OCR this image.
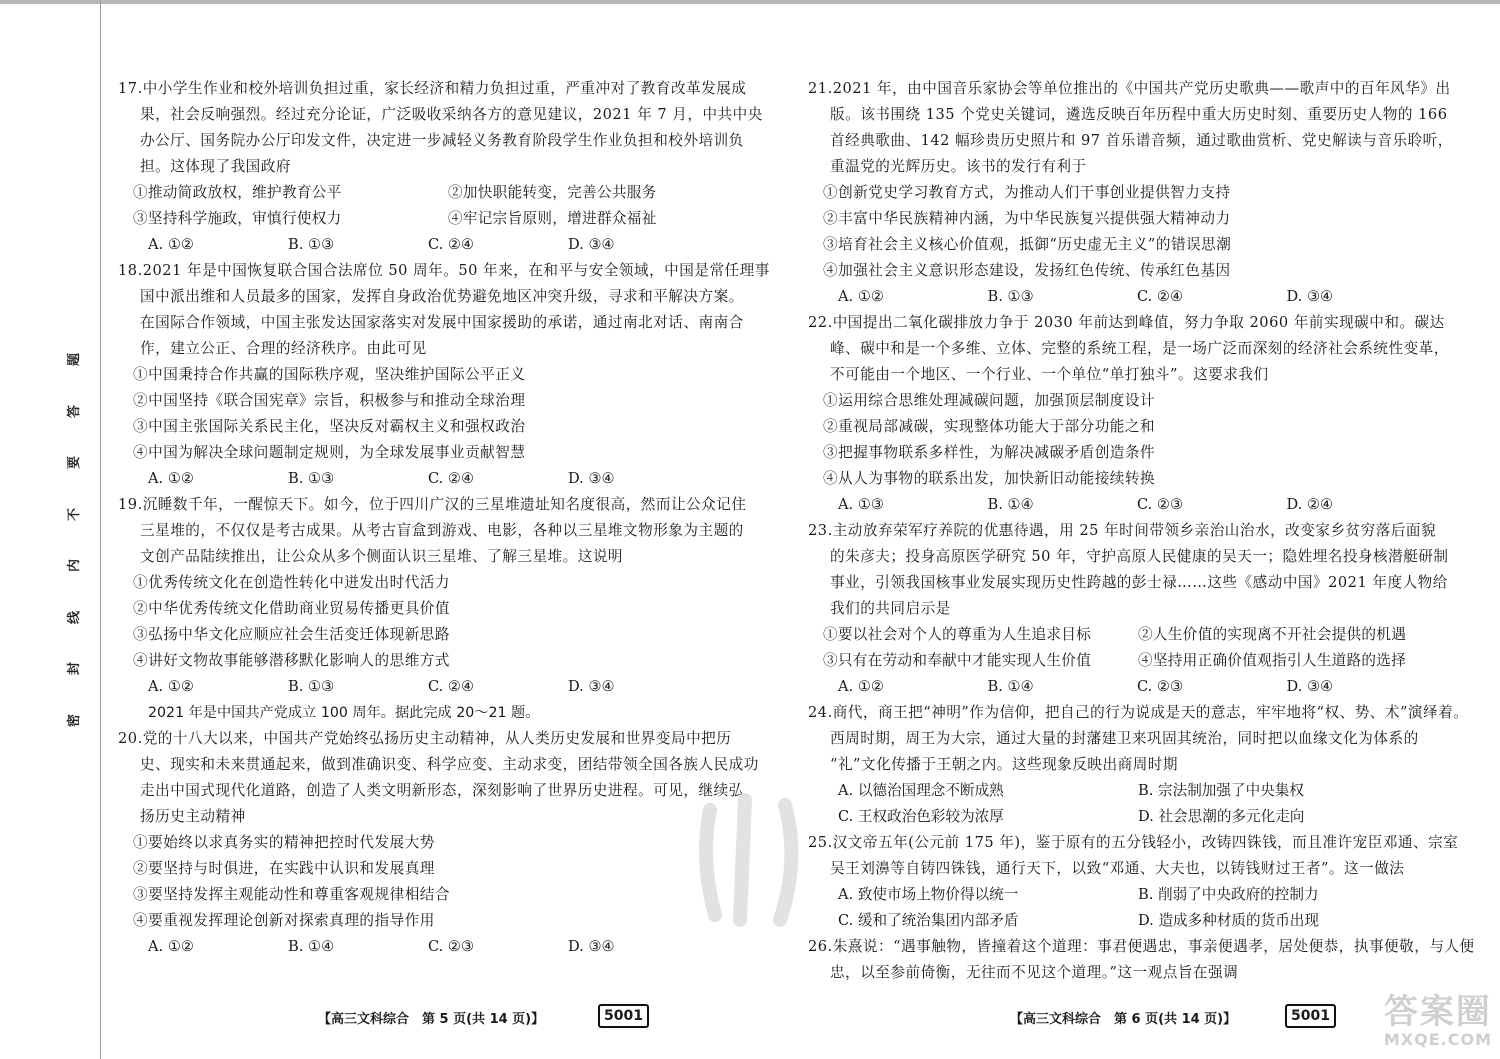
密
封
线
内
不
要
答
题
17.中小学生作业和校外培训负担过重，家长经济和精力负担过重，严重冲对了教育改革发展成
果，社会反响强烈。经过充分论证，广泛吸收采纳各方的意见建议，2021 年 7 月，中共中央
办公厅、国务院办公厅印发文件，决定进一步减轻义务教育阶段学生作业负担和校外培训负
担。这体现了我国政府
①推动简政放权，维护教育公平	②加快职能转变，完善公共服务
③坚持科学施政，审慎行使权力	④牢记宗旨原则，增进群众福祉
A. ①②	B. ①③	C. ②④	D. ③④
18.2021 年是中国恢复联合国合法席位 50 周年。50 年来，在和平与安全领域，中国是常任理事
国中派出维和人员最多的国家，发挥自身政治优势避免地区冲突升级，寻求和平解决方案。
在国际合作领域，中国主张发达国家落实对发展中国家援助的承诺，通过南北对话、南南合
作，建立公正、合理的经济秩序。由此可见
①中国秉持合作共赢的国际秩序观，坚决维护国际公平正义
②中国坚持《联合国宪章》宗旨，积极参与和推动全球治理
③中国主张国际关系民主化，坚决反对霸权主义和强权政治
④中国为解决全球问题制定规则，为全球发展事业贡献智慧
A. ①②	B. ①③	C. ②④	D. ③④
19.沉睡数千年，一醒惊天下。如今，位于四川广汉的三星堆遗址知名度很高，然而让公众记住
三星堆的，不仅仅是考古成果。从考古盲盒到游戏、电影，各种以三星堆文物形象为主题的
文创产品陆续推出，让公众从多个侧面认识三星堆、了解三星堆。这说明
①优秀传统文化在创造性转化中迸发出时代活力
②中华优秀传统文化借助商业贸易传播更具价值
③弘扬中华文化应顺应社会生活变迁体现新思路
④讲好文物故事能够潜移默化影响人的思维方式
A. ①②	B. ①③	C. ②④	D. ③④
2021 年是中国共产党成立 100 周年。据此完成 20～21 题。
20.党的十八大以来，中国共产党始终弘扬历史主动精神，从人类历史发展和世界变局中把历
史、现实和未来贯通起来，做到准确识变、科学应变、主动求变，团结带领全国各族人民成功
走出中国式现代化道路，创造了人类文明新形态，深刻影响了世界历史进程。可见，继续弘
扬历史主动精神
①要始终以求真务实的精神把控时代发展大势
②要坚持与时俱进，在实践中认识和发展真理
③要坚持发挥主观能动性和尊重客观规律相结合
④要重视发挥理论创新对探索真理的指导作用
A. ①②	B. ①④	C. ②③	D. ③④
21.2021 年，由中国音乐家协会等单位推出的《中国共产党历史歌典——歌声中的百年风华》出
版。该书围绕 135 个党史关键词，遴选反映百年历程中重大历史时刻、重要历史人物的 166
首经典歌曲、142 幅珍贵历史照片和 97 首乐谱音频，通过歌曲赏析、党史解读与音乐聆听，
重温党的光辉历史。该书的发行有利于
①创新党史学习教育方式，为推动人们干事创业提供智力支持
②丰富中华民族精神内涵，为中华民族复兴提供强大精神动力
③培育社会主义核心价值观，抵御“历史虚无主义”的错误思潮
④加强社会主义意识形态建设，发扬红色传统、传承红色基因
A. ①②	B. ①③	C. ②④	D. ③④
22.中国提出二氧化碳排放力争于 2030 年前达到峰值，努力争取 2060 年前实现碳中和。碳达
峰、碳中和是一个多维、立体、完整的系统工程，是一场广泛而深刻的经济社会系统性变革，
不可能由一个地区、一个行业、一个单位“单打独斗”。这要求我们
①运用综合思维处理减碳问题，加强顶层制度设计
②重视局部减碳，实现整体功能大于部分功能之和
③把握事物联系多样性，为解决减碳矛盾创造条件
④从人为事物的联系出发，加快新旧动能接续转换
A. ①③	B. ①④	C. ②③	D. ②④
23.主动放弃荣军疗养院的优惠待遇，用 25 年时间带领乡亲治山治水，改变家乡贫穷落后面貌
的朱彦夫；投身高原医学研究 50 年，守护高原人民健康的吴天一；隐姓埋名投身核潜艇研制
事业，引领我国核事业发展实现历史性跨越的彭士禄……这些《感动中国》2021 年度人物给
我们的共同启示是
①要以社会对个人的尊重为人生追求目标	②人生价值的实现离不开社会提供的机遇
③只有在劳动和奉献中才能实现人生价值	④坚持用正确价值观指引人生道路的选择
A. ①②	B. ①④	C. ②③	D. ③④
24.商代，商王把“神明”作为信仰，把自己的行为说成是天的意志，牢牢地将“权、势、术”演绎着。
西周时期，周王为大宗，通过大量的封藩建卫来巩固其统治，同时把以血缘文化为体系的
“礼”文化传播于王朝之内。这些现象反映出商周时期
A. 以德治国理念不断成熟	B. 宗法制加强了中央集权
C. 王权政治色彩较为浓厚	D. 社会思潮的多元化走向
25.汉文帝五年(公元前 175 年)，鉴于原有的五分钱轻小，改铸四铢钱，而且准许宠臣邓通、宗室
吴王刘濞等自铸四铢钱，通行天下，以致“邓通、大夫也，以铸钱财过王者”。这一做法
A. 致使市场上物价得以统一	B. 削弱了中央政府的控制力
C. 缓和了统治集团内部矛盾	D. 造成多种材质的货币出现
26.朱熹说：“遇事触物，皆撞着这个道理：事君便遇忠，事亲便遇孝，居处便恭，执事便敬，与人便
忠，以至参前倚衡，无往而不见这个道理。”这一观点旨在强调
【高三文科综合　第 5 页(共 14 页)】	5001	【高三文科综合　第 6 页(共 14 页)】	5001 答案圈
MXQE.COM
